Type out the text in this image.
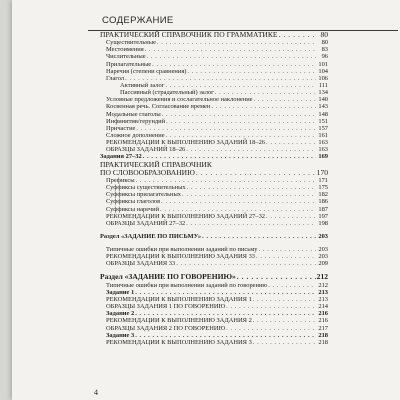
СОДЕРЖАНИЕ
ПРАКТИЧЕСКИЙ СПРАВОЧНИК ПО ГРАММАТИКЕ . . .	80
Существительные . . .	80
Местоимения . . .	83
Числительные . . .	96
Прилагательные . . .	101
Наречия (степени сравнения) . . .	104
Глагол . . .	106
Активный залог . . .	111
Пассивный (страдательный) залог . . .	134
Условные предложения и сослагательное наклонение . . .	140
Косвенная речь. Согласование времен . . .	143
Модальные глаголы . . .	148
Инфинитив/герундий . . .	151
Причастие . . .	157
Сложное дополнение . . .	161
РЕКОМЕНДАЦИИ К ВЫПОЛНЕНИЮ ЗАДАНИЙ 18–26 . . .	163
ОБРАЗЦЫ ЗАДАНИЙ 18–26 . . .	163
Задания 27–32 . . .	169
ПРАКТИЧЕСКИЙ СПРАВОЧНИК
ПО СЛОВООБРАЗОВАНИЮ . . .	170
Префиксы . . .	171
Суффиксы существительных . . .	175
Суффиксы прилагательных . . .	182
Суффиксы глаголов . . .	186
Суффиксы наречий . . .	187
РЕКОМЕНДАЦИИ К ВЫПОЛНЕНИЮ ЗАДАНИЙ 27–32 . . .	197
ОБРАЗЦЫ ЗАДАНИЙ 27–32 . . .	198
Раздел «ЗАДАНИЕ ПО ПИСЬМУ» . . .	203
Типичные ошибки при выполнении заданий по письму . . .	203
РЕКОМЕНДАЦИИ К ВЫПОЛНЕНИЮ ЗАДАНИЯ 33 . . .	203
ОБРАЗЦЫ ЗАДАНИЯ 33 . . .	209
Раздел «ЗАДАНИЕ ПО ГОВОРЕНИЮ» . . .	212
Типичные ошибки при выполнении заданий по говорению . . .	212
Задание 1 . . .	213
РЕКОМЕНДАЦИИ К ВЫПОЛНЕНИЮ ЗАДАНИЯ 1 . . .	213
ОБРАЗЦЫ ЗАДАНИЯ 1 ПО ГОВОРЕНИЮ . . .	214
Задание 2 . . .	216
РЕКОМЕНДАЦИИ К ВЫПОЛНЕНИЮ ЗАДАНИЯ 2 . . .	216
ОБРАЗЦЫ ЗАДАНИЯ 2 ПО ГОВОРЕНИЮ . . .	217
Задание 3 . . .	218
РЕКОМЕНДАЦИИ К ВЫПОЛНЕНИЮ ЗАДАНИЯ 3 . . .	218
4
